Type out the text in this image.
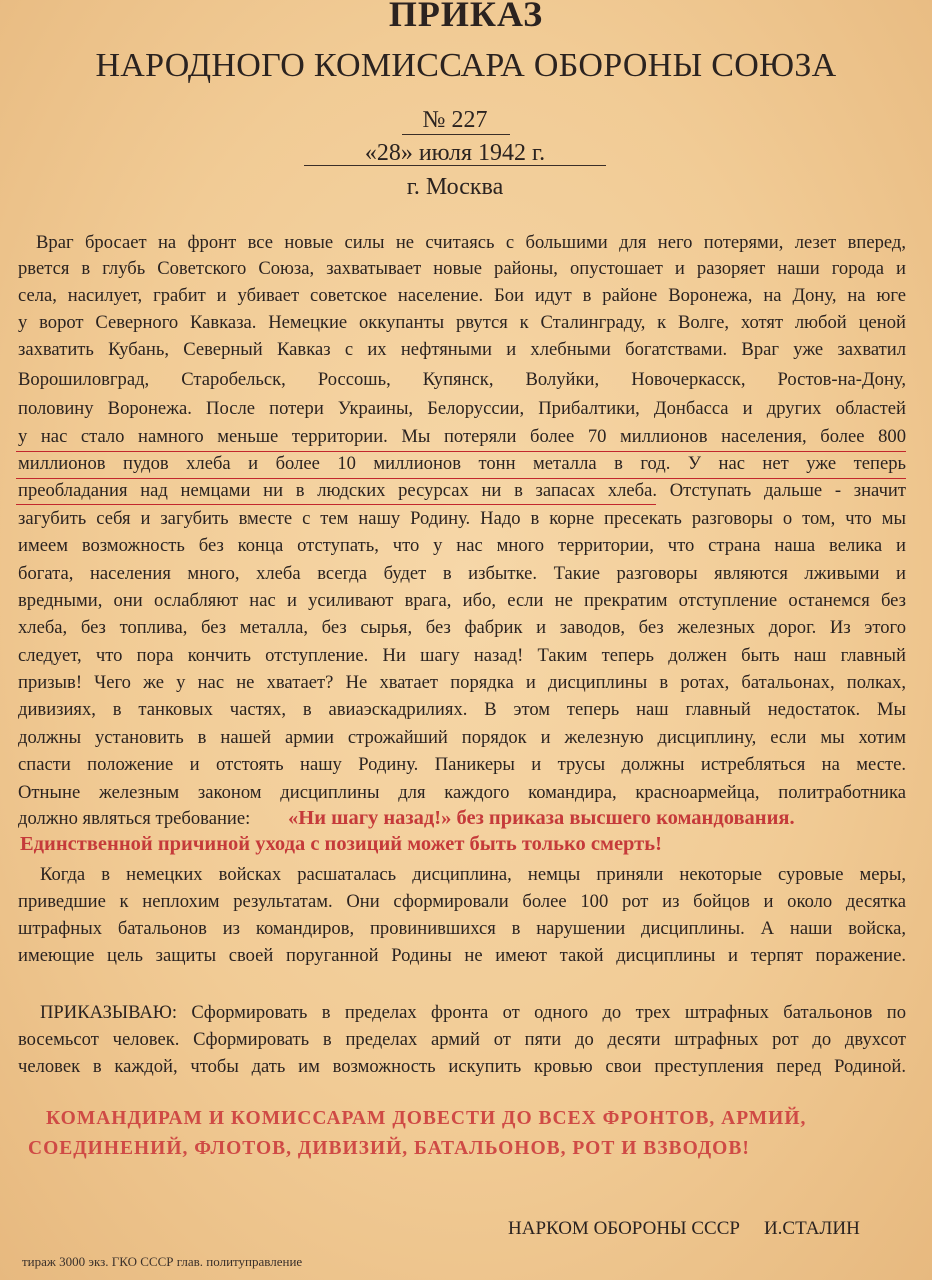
ПРИКАЗ
НАРОДНОГО КОМИССАРА ОБОРОНЫ СОЮЗА
№ 227
«28» июля 1942 г.
г. Москва
Враг бросает на фронт все новые силы не считаясь с большими для него потерями, лезет вперед,
рвется в глубь Советского Союза, захватывает новые районы, опустошает и разоряет наши города и
села, насилует, грабит и убивает советское население. Бои идут в районе Воронежа, на Дону, на юге
у ворот Северного Кавказа. Немецкие оккупанты рвутся к Сталинграду, к Волге, хотят любой ценой
захватить Кубань, Северный Кавказ с их нефтяными и хлебными богатствами. Враг уже захватил
Ворошиловград, Старобельск, Россошь, Купянск, Волуйки, Новочеркасск, Ростов-на-Дону,
половину Воронежа. После потери Украины, Белоруссии, Прибалтики, Донбасса и других областей
у нас стало намного меньше территории. Мы потеряли более 70 миллионов населения, более 800
миллионов пудов хлеба и более 10 миллионов тонн металла в год. У нас нет уже теперь
преобладания над немцами ни в людских ресурсах ни в запасах хлеба. Отступать дальше - значит
загубить себя и загубить вместе с тем нашу Родину. Надо в корне пресекать разговоры о том, что мы
имеем возможность без конца отступать, что у нас много территории, что страна наша велика и
богата, населения много, хлеба всегда будет в избытке. Такие разговоры являются лживыми и
вредными, они ослабляют нас и усиливают врага, ибо, если не прекратим отступление останемся без
хлеба, без топлива, без металла, без сырья, без фабрик и заводов, без железных дорог. Из этого
следует, что пора кончить отступление. Ни шагу назад! Таким теперь должен быть наш главный
призыв! Чего же у нас не хватает? Не хватает порядка и дисциплины в ротах, батальонах, полках,
дивизиях, в танковых частях, в авиаэскадрилиях. В этом теперь наш главный недостаток. Мы
должны установить в нашей армии строжайший порядок и железную дисциплину, если мы хотим
спасти положение и отстоять нашу Родину. Паникеры и трусы должны истребляться на месте.
Отныне железным законом дисциплины для каждого командира, красноармейца, политработника
должно являться требование:	«Ни шагу назад!» без приказа высшего командования.
Единственной причиной ухода с позиций может быть только смерть!
Когда в немецких войсках расшаталась дисциплина, немцы приняли некоторые суровые меры,
приведшие к неплохим результатам. Они сформировали более 100 рот из бойцов и около десятка
штрафных батальонов из командиров, провинившихся в нарушении дисциплины. А наши войска,
имеющие цель защиты своей поруганной Родины не имеют такой дисциплины и терпят поражение.
ПРИКАЗЫВАЮ: Сформировать в пределах фронта от одного до трех штрафных батальонов по
восемьсот человек. Сформировать в пределах армий от пяти до десяти штрафных рот до двухсот
человек в каждой, чтобы дать им возможность искупить кровью свои преступления перед Родиной.
КОМАНДИРАМ И КОМИССАРАМ ДОВЕСТИ ДО ВСЕХ ФРОНТОВ, АРМИЙ,
СОЕДИНЕНИЙ, ФЛОТОВ, ДИВИЗИЙ, БАТАЛЬОНОВ, РОТ И ВЗВОДОВ!
НАРКОМ ОБОРОНЫ СССР И.СТАЛИН
тираж 3000 экз. ГКО СССР глав. политуправление
